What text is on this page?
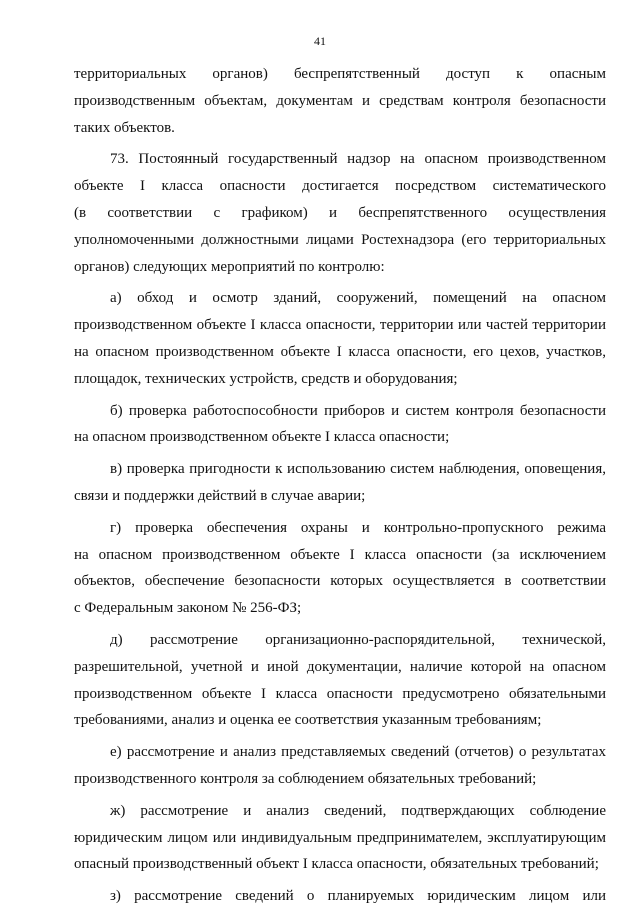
41
территориальных органов) беспрепятственный доступ к опасным
производственным объектам, документам и средствам контроля безопасности
таких объектов.
73. Постоянный государственный надзор на опасном производственном
объекте I класса опасности достигается посредством систематического
(в соответствии с графиком) и беспрепятственного осуществления
уполномоченными должностными лицами Ростехнадзора (его территориальных
органов) следующих мероприятий по контролю:
а) обход и осмотр зданий, сооружений, помещений на опасном
производственном объекте I класса опасности, территории или частей территории
на опасном производственном объекте I класса опасности, его цехов, участков,
площадок, технических устройств, средств и оборудования;
б) проверка работоспособности приборов и систем контроля безопасности
на опасном производственном объекте I класса опасности;
в) проверка пригодности к использованию систем наблюдения, оповещения,
связи и поддержки действий в случае аварии;
г) проверка обеспечения охраны и контрольно-пропускного режима
на опасном производственном объекте I класса опасности (за исключением
объектов, обеспечение безопасности которых осуществляется в соответствии
с Федеральным законом № 256-ФЗ;
д) рассмотрение организационно-распорядительной, технической,
разрешительной, учетной и иной документации, наличие которой на опасном
производственном объекте I класса опасности предусмотрено обязательными
требованиями, анализ и оценка ее соответствия указанным требованиям;
е) рассмотрение и анализ представляемых сведений (отчетов) о результатах
производственного контроля за соблюдением обязательных требований;
ж) рассмотрение и анализ сведений, подтверждающих соблюдение
юридическим лицом или индивидуальным предпринимателем, эксплуатирующим
опасный производственный объект I класса опасности, обязательных требований;
з) рассмотрение сведений о планируемых юридическим лицом или
